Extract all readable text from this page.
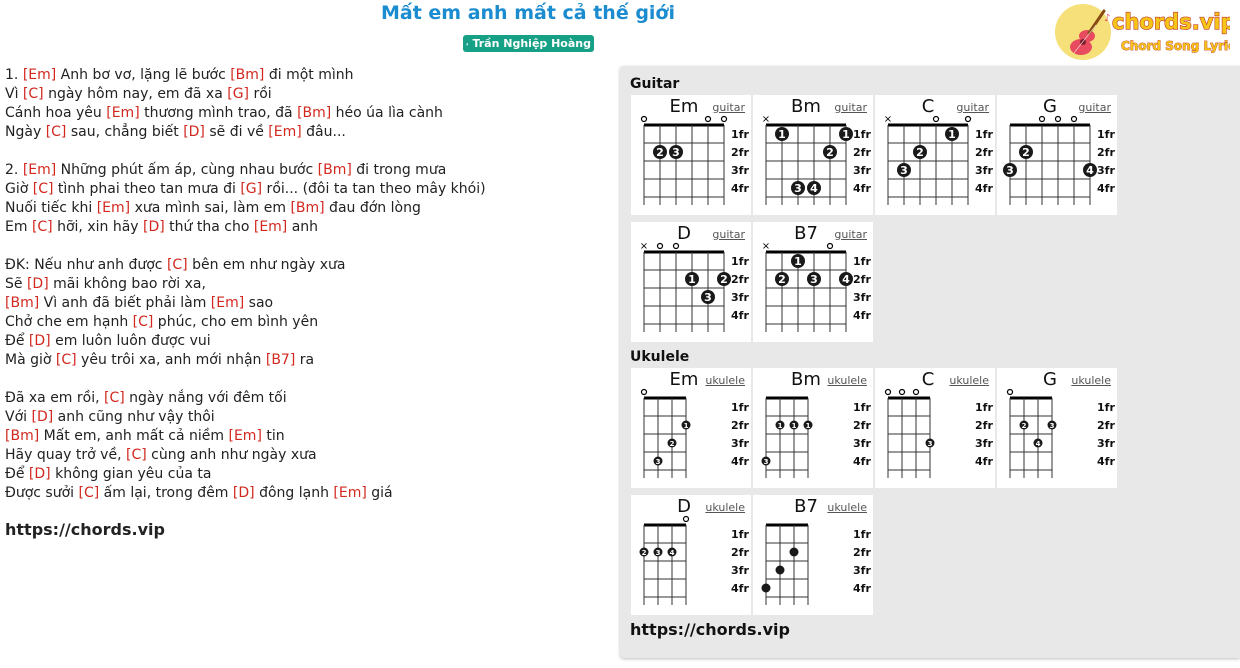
Mất em anh mất cả thế giới
Trần Nghiệp Hoàng
♪ chords.vip
Chord Song Lyric
1. [Em] Anh bơ vơ, lặng lẽ bước [Bm] đi một mình
Vì [C] ngày hôm nay, em đã xa [G] rồi
Cánh hoa yêu [Em] thương mình trao, đã [Bm] héo úa lìa cành
Ngày [C] sau, chẳng biết [D] sẽ đi về [Em] đâu...
2. [Em] Những phút ấm áp, cùng nhau bước [Bm] đi trong mưa
Giờ [C] tình phai theo tan mưa đi [G] rồi... (đôi ta tan theo mây khói)
Nuối tiếc khi [Em] xưa mình sai, làm em [Bm] đau đớn lòng
Em [C] hỡi, xin hãy [D] thứ tha cho [Em] anh
ĐK: Nếu như anh được [C] bên em như ngày xưa
Sẽ [D] mãi không bao rời xa,
[Bm] Vì anh đã biết phải làm [Em] sao
Chở che em hạnh [C] phúc, cho em bình yên
Để [D] em luôn luôn được vui
Mà giờ [C] yêu trôi xa, anh mới nhận [B7] ra
Đã xa em rồi, [C] ngày nắng với đêm tối
Với [D] anh cũng như vậy thôi
[Bm] Mất em, anh mất cả niềm [Em] tin
Hãy quay trở về, [C] cùng anh như ngày xưa
Để [D] không gian yêu của ta
Được sưởi [C] ấm lại, trong đêm [D] đông lạnh [Em] giá

https://chords.vip

Guitar
Em	guitar
1fr
2fr
3fr
4fr
2 3
Bm	guitar
1fr
2fr
3fr
4fr
×
1	1
2
3 4
C	guitar
1fr
2fr
3fr
4fr
×
1
2
3
G	guitar
1fr
2fr
3fr
4fr
2
3	4
D	guitar
1fr
2fr
3fr
4fr
×
1 2
3
B7	guitar
1fr
2fr
3fr
4fr
×
1
2 3 4
Ukulele
Em ukulele
1fr
2fr
3fr
4fr
1
2
3
Bm ukulele
1fr
2fr
3fr
4fr
1 1 1
3
C	ukulele
1fr
2fr
3fr
4fr
3
G	ukulele
1fr
2fr
3fr
4fr
2	3
4
D	ukulele
1fr
2fr
3fr
4fr
2 3 4
B7 ukulele
1fr
2fr
3fr
4fr

https://chords.vip
